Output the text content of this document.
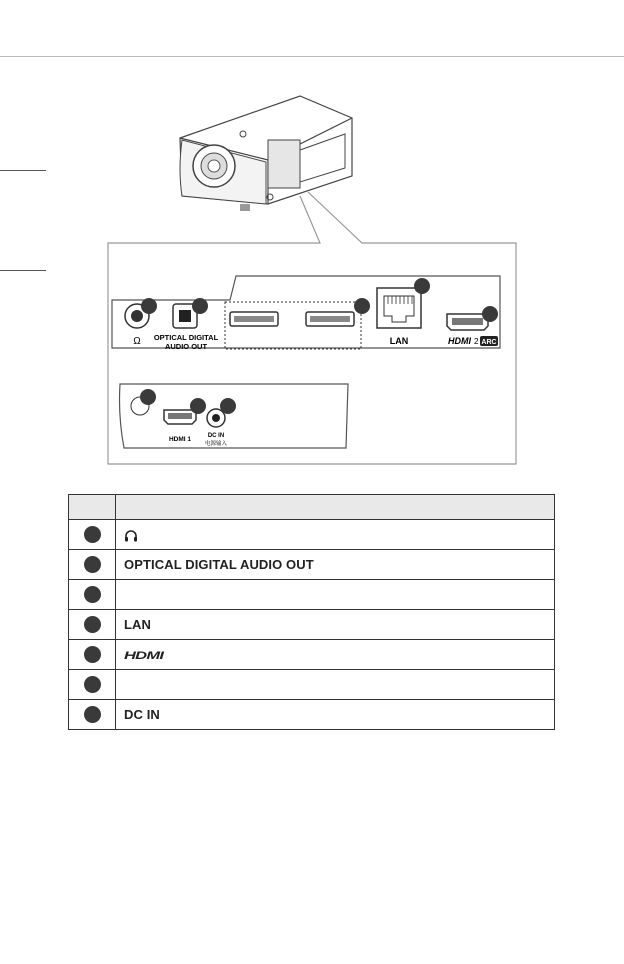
Ω OPTICAL DIGITAL
AUDIO OUT
LAN	HDMI 2 ARC
HDMI 1	DC IN
电源输入

	OPTICAL DIGITAL AUDIO OUT

	LAN
	HDMI

	DC IN
